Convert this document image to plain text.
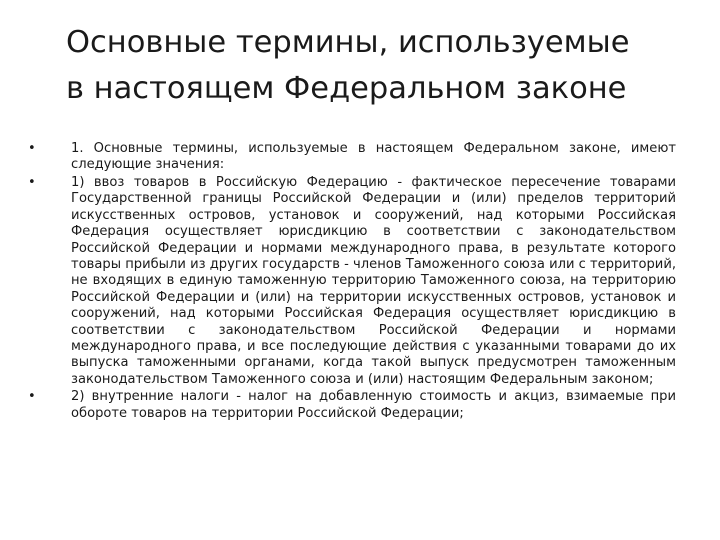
Основные термины, используемые
в настоящем Федеральном законе
•	1. Основные термины, используемые в настоящем Федеральном законе, имеют следующие значения:
•	1) ввоз товаров в Российскую Федерацию - фактическое пересечение товарами Государственной границы Российской Федерации и (или) пределов территорий искусственных островов, установок и сооружений, над которыми Российская Федерация осуществляет юрисдикцию в соответствии с законодательством Российской Федерации и нормами международного права, в результате которого товары прибыли из других государств - членов Таможенного союза или с территорий, не входящих в единую таможенную территорию Таможенного союза, на территорию Российской Федерации и (или) на территории искусственных островов, установок и сооружений, над которыми Российская Федерация осуществляет юрисдикцию в соответствии с законодательством Российской Федерации и нормами международного права, и все последующие действия с указанными товарами до их выпуска таможенными органами, когда такой выпуск предусмотрен таможенным законодательством Таможенного союза и (или) настоящим Федеральным законом;
•	2) внутренние налоги - налог на добавленную стоимость и акциз, взимаемые при обороте товаров на территории Российской Федерации;
